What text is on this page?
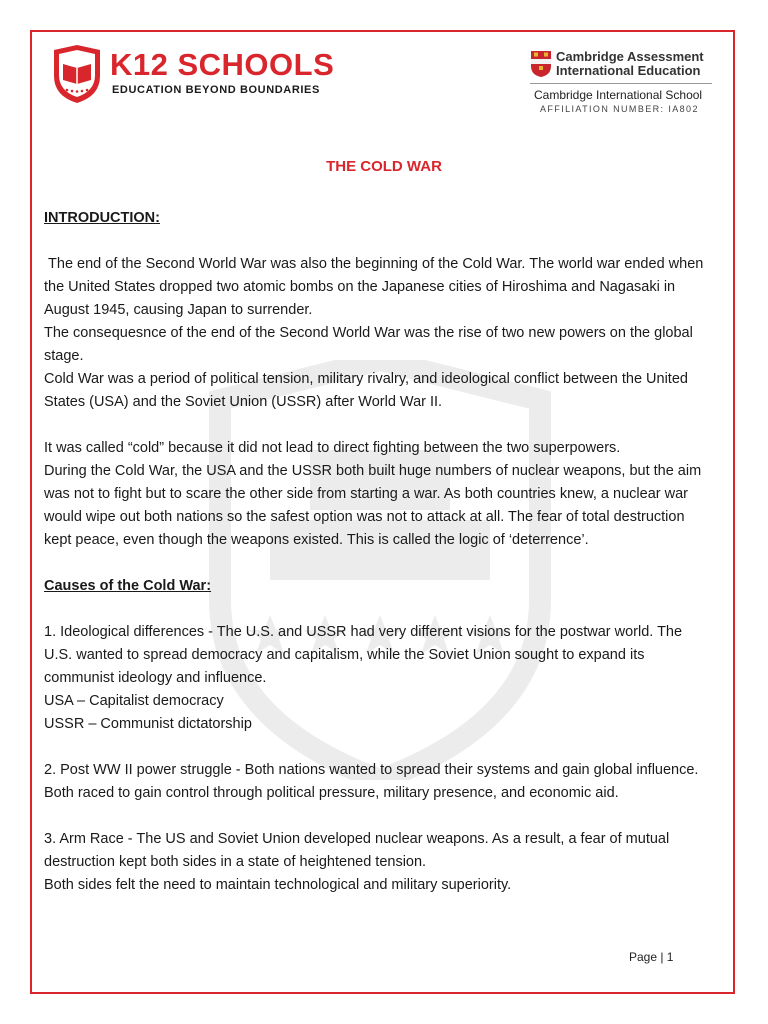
K12 SCHOOLS
EDUCATION BEYOND BOUNDARIES
Cambridge Assessment
International Education
Cambridge International School
AFFILIATION NUMBER: IA802
THE COLD WAR

INTRODUCTION:

The end of the Second World War was also the beginning of the Cold War. The world war ended when the United States dropped two atomic bombs on the Japanese cities of Hiroshima and Nagasaki in August 1945, causing Japan to surrender.

The consequesnce of the end of the Second World War was the rise of two new powers on the global stage.

Cold War was a period of political tension, military rivalry, and ideological conflict between the United States (USA) and the Soviet Union (USSR) after World War II.

It was called “cold” because it did not lead to direct fighting between the two superpowers.

During the Cold War, the USA and the USSR both built huge numbers of nuclear weapons, but the aim was not to fight but to scare the other side from starting a war. As both countries knew, a nuclear war would wipe out both nations so the safest option was not to attack at all. The fear of total destruction kept peace, even though the weapons existed. This is called the logic of ‘deterrence’.

Causes of the Cold War:

1. Ideological differences - The U.S. and USSR had very different visions for the postwar world. The U.S. wanted to spread democracy and capitalism, while the Soviet Union sought to expand its communist ideology and influence.

USA – Capitalist democracy

USSR – Communist dictatorship

2. Post WW II power struggle - Both nations wanted to spread their systems and gain global influence. Both raced to gain control through political pressure, military presence, and economic aid.

3. Arm Race - The US and Soviet Union developed nuclear weapons. As a result, a fear of mutual destruction kept both sides in a state of heightened tension.

Both sides felt the need to maintain technological and military superiority.

Page | 1
